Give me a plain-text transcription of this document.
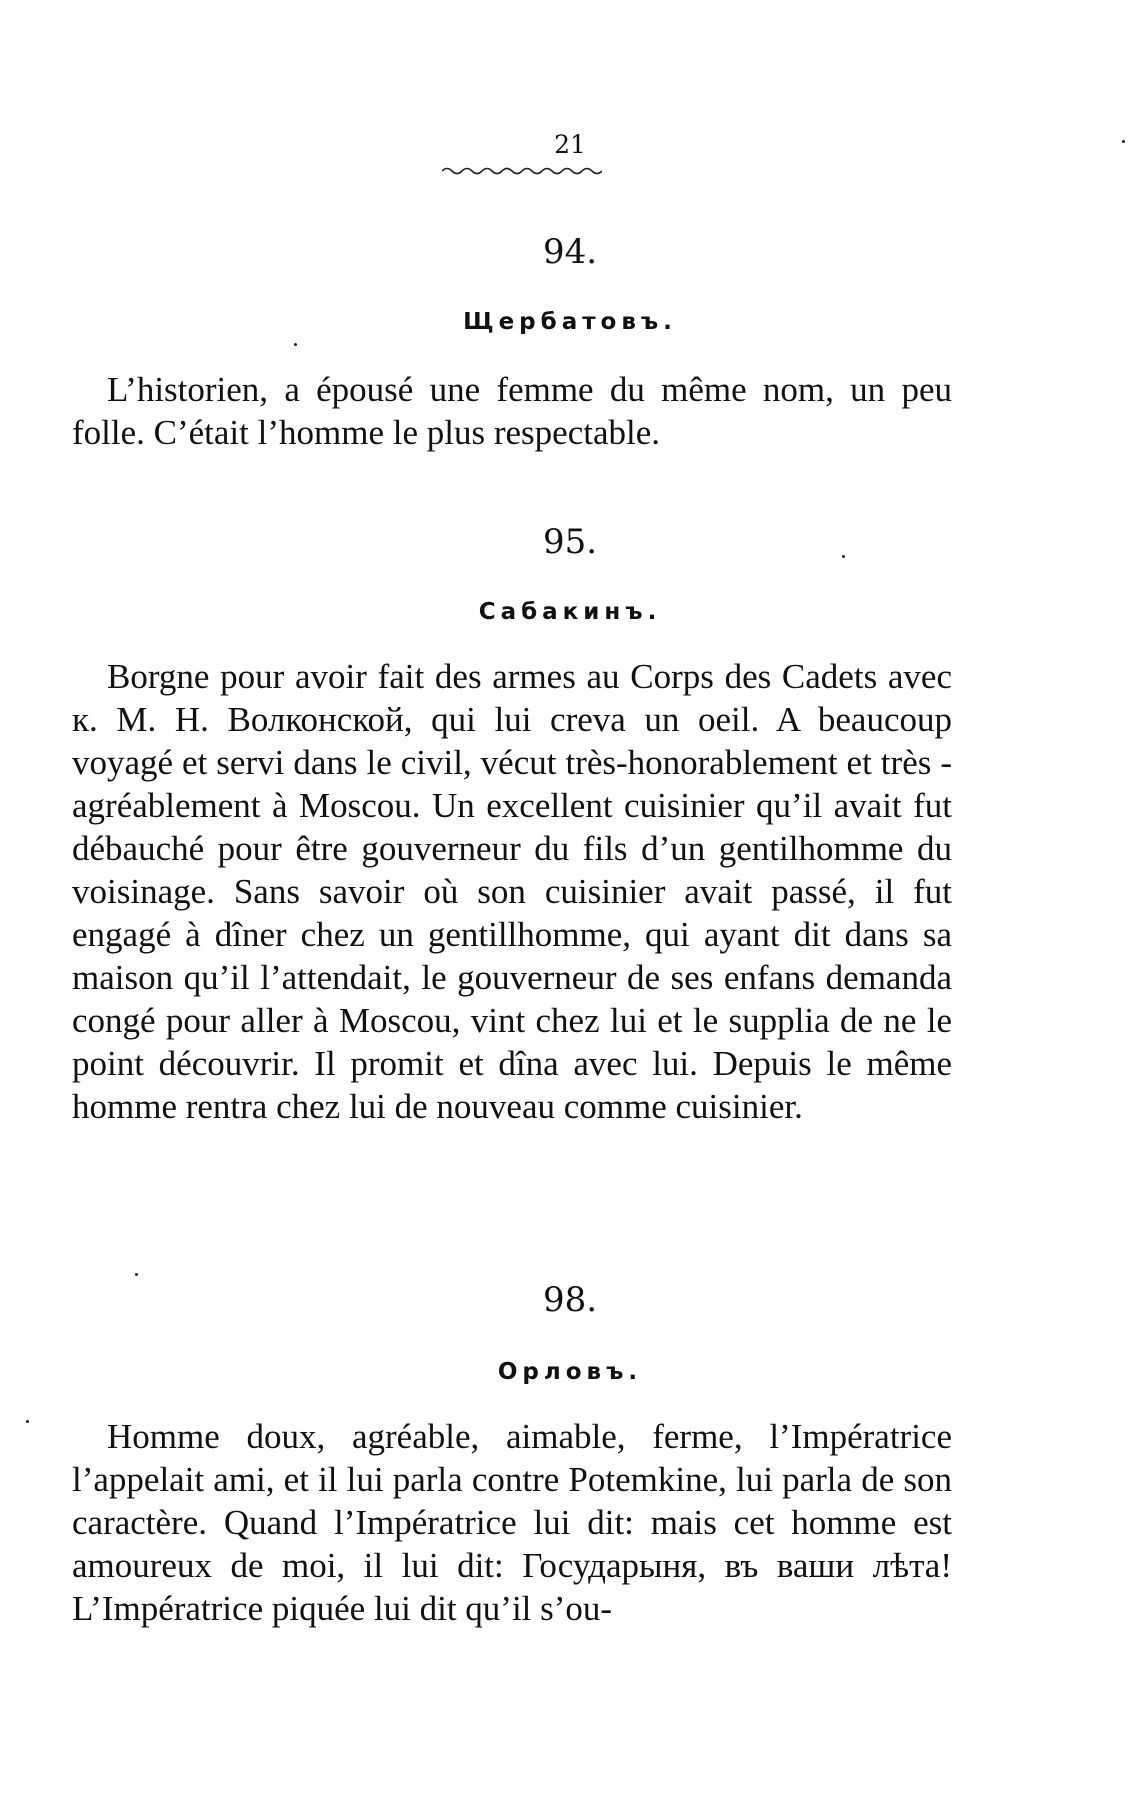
21
94.
Щербатовъ.

L’historien, a épousé une femme du même nom, un peu folle. C’était l’homme le plus respectable.

95.
Сабакинъ.

Borgne pour avoir fait des armes au Corps des Cadets avec к. М. Н. Волконской, qui lui creva un oeil. A beaucoup voyagé et servi dans le civil, vécut très-honorablement et très - agréablement à Moscou. Un excellent cuisinier qu’il avait fut débauché pour être gouverneur du fils d’un gentilhomme du voisinage. Sans savoir où son cuisinier avait passé, il fut engagé à dîner chez un gentillhomme, qui ayant dit dans sa maison qu’il l’attendait, le gouverneur de ses enfans demanda congé pour aller à Moscou, vint chez lui et le supplia de ne le point découvrir. Il promit et dîna avec lui. Depuis le même homme rentra chez lui de nouveau comme cuisinier.

98.
Орловъ.

Homme doux, agréable, aimable, ferme, l’Impératrice l’appelait ami, et il lui parla contre Potemkine, lui parla de son caractère. Quand l’Impératrice lui dit: mais cet homme est amoureux de moi, il lui dit: Государыня, въ ваши лѣта! L’Impératrice piquée lui dit qu’il s’ou-
